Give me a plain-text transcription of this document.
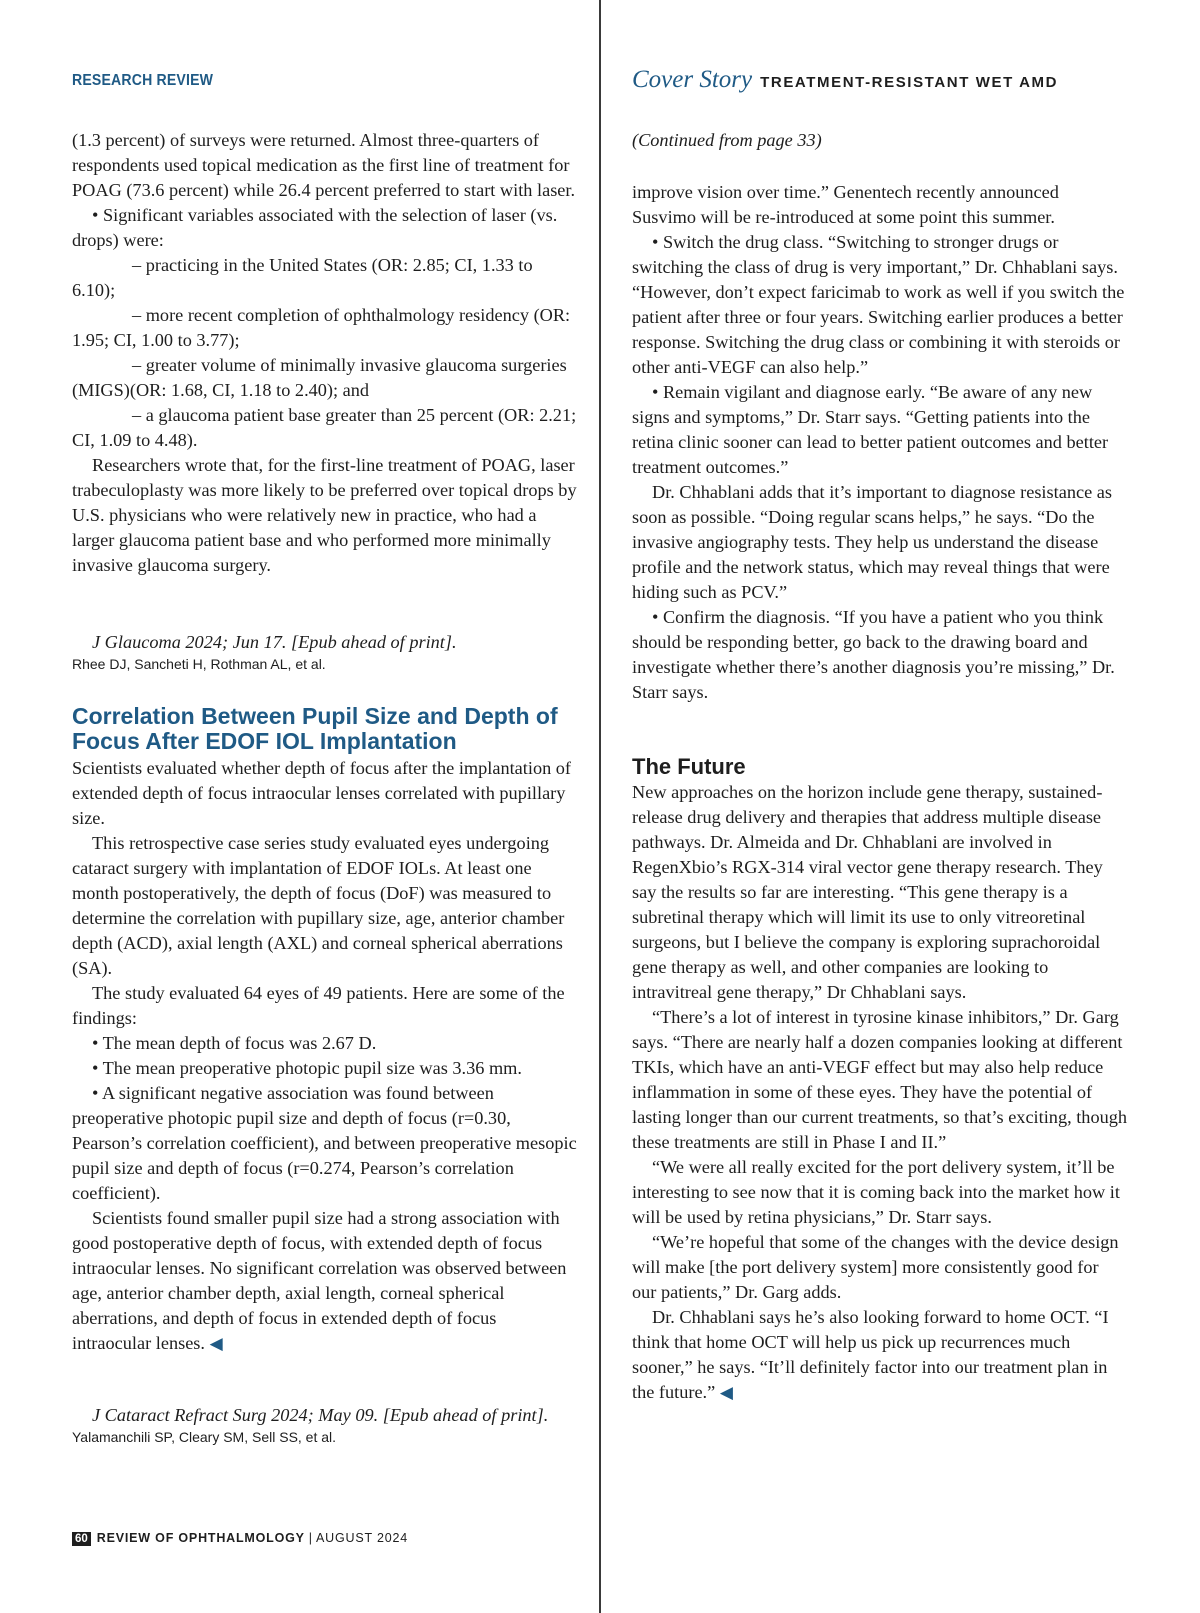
RESEARCH REVIEW	Cover Story TREATMENT-RESISTANT WET AMD

(1.3 percent) of surveys were returned. Almost three-quarters of respondents used topical medication as the first line of treatment for POAG (73.6 percent) while 26.4 percent preferred to start with laser.

• Significant variables associated with the selection of laser (vs. drops) were:

– practicing in the United States (OR: 2.85; CI, 1.33 to 6.10);

– more recent completion of ophthalmology residency (OR: 1.95; CI, 1.00 to 3.77);

– greater volume of minimally invasive glaucoma surgeries (MIGS)(OR: 1.68, CI, 1.18 to 2.40); and

– a glaucoma patient base greater than 25 percent (OR: 2.21; CI, 1.09 to 4.48).

Researchers wrote that, for the first-line treatment of POAG, laser trabeculoplasty was more likely to be preferred over topical drops by U.S. physicians who were relatively new in practice, who had a larger glaucoma patient base and who performed more minimally invasive glaucoma surgery.

J Glaucoma 2024; Jun 17. [Epub ahead of print].

Rhee DJ, Sancheti H, Rothman AL, et al.

Correlation Between Pupil Size and Depth of Focus After EDOF IOL Implantation

Scientists evaluated whether depth of focus after the implantation of extended depth of focus intraocular lenses correlated with pupillary size.

This retrospective case series study evaluated eyes undergoing cataract surgery with implantation of EDOF IOLs. At least one month postoperatively, the depth of focus (DoF) was measured to determine the correlation with pupillary size, age, anterior chamber depth (ACD), axial length (AXL) and corneal spherical aberrations (SA).

The study evaluated 64 eyes of 49 patients. Here are some of the findings:

• The mean depth of focus was 2.67 D.

• The mean preoperative photopic pupil size was 3.36 mm.

• A significant negative association was found between preoperative photopic pupil size and depth of focus (r=0.30, Pearson’s correlation coefficient), and between preoperative mesopic pupil size and depth of focus (r=0.274, Pearson’s correlation coefficient).

Scientists found smaller pupil size had a strong association with good postoperative depth of focus, with extended depth of focus intraocular lenses. No significant correlation was observed between age, anterior chamber depth, axial length, corneal spherical aberrations, and depth of focus in extended depth of focus intraocular lenses. ◀

J Cataract Refract Surg 2024; May 09. [Epub ahead of print].

Yalamanchili SP, Cleary SM, Sell SS, et al.

(Continued from page 33)

improve vision over time.” Genentech recently announced Susvimo will be re-introduced at some point this summer.

• Switch the drug class. “Switching to stronger drugs or switching the class of drug is very important,” Dr. Chhablani says. “However, don’t expect faricimab to work as well if you switch the patient after three or four years. Switching earlier produces a better response. Switching the drug class or combining it with steroids or other anti-VEGF can also help.”

• Remain vigilant and diagnose early. “Be aware of any new signs and symptoms,” Dr. Starr says. “Getting patients into the retina clinic sooner can lead to better patient outcomes and better treatment outcomes.”

Dr. Chhablani adds that it’s important to diagnose resistance as soon as possible. “Doing regular scans helps,” he says. “Do the invasive angiography tests. They help us understand the disease profile and the network status, which may reveal things that were hiding such as PCV.”

• Confirm the diagnosis. “If you have a patient who you think should be responding better, go back to the drawing board and investigate whether there’s another diagnosis you’re missing,” Dr. Starr says.

The Future

New approaches on the horizon include gene therapy, sustained-release drug delivery and therapies that address multiple disease pathways. Dr. Almeida and Dr. Chhablani are involved in RegenXbio’s RGX-314 viral vector gene therapy research. They say the results so far are interesting. “This gene therapy is a subretinal therapy which will limit its use to only vitreoretinal surgeons, but I believe the company is exploring suprachoroidal gene therapy as well, and other companies are looking to intravitreal gene therapy,” Dr Chhablani says.

“There’s a lot of interest in tyrosine kinase inhibitors,” Dr. Garg says. “There are nearly half a dozen companies looking at different TKIs, which have an anti-VEGF effect but may also help reduce inflammation in some of these eyes. They have the potential of lasting longer than our current treatments, so that’s exciting, though these treatments are still in Phase I and II.”

“We were all really excited for the port delivery system, it’ll be interesting to see now that it is coming back into the market how it will be used by retina physicians,” Dr. Starr says.

“We’re hopeful that some of the changes with the device design will make [the port delivery system] more consistently good for our patients,” Dr. Garg adds.

Dr. Chhablani says he’s also looking forward to home OCT. “I think that home OCT will help us pick up recurrences much sooner,” he says. “It’ll definitely factor into our treatment plan in the future.” ◀

60 REVIEW OF OPHTHALMOLOGY | AUGUST 2024
